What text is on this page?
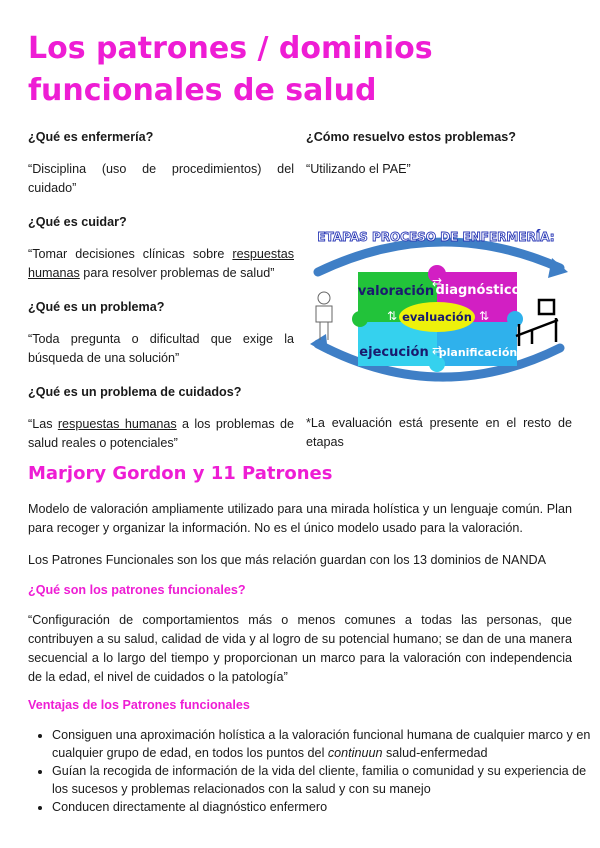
Los patrones / dominios funcionales de salud

¿Qué es enfermería?

“Disciplina (uso de procedimientos) del cuidado”

¿Qué es cuidar?

“Tomar decisiones clínicas sobre respuestas humanas para resolver problemas de salud”

¿Qué es un problema?

“Toda pregunta o dificultad que exige la búsqueda de una solución”

¿Qué es un problema de cuidados?

“Las respuestas humanas a los problemas de salud reales o potenciales”

¿Cómo resuelvo estos problemas?

“Utilizando el PAE”

ETAPAS PROCESO DE ENFERMERÍA:
valoración diagnóstico
evaluación
ejecución planificación
⇄
⇅	⇅
⇄

*La evaluación está presente en el resto de etapas

Marjory Gordon y 11 Patrones

Modelo de valoración ampliamente utilizado para una mirada holística y un lenguaje común. Plan para recoger y organizar la información. No es el único modelo usado para la valoración.

Los Patrones Funcionales son los que más relación guardan con los 13 dominios de NANDA

¿Qué son los patrones funcionales?

“Configuración de comportamientos más o menos comunes a todas las personas, que contribuyen a su salud, calidad de vida y al logro de su potencial humano; se dan de una manera secuencial a lo largo del tiempo y proporcionan un marco para la valoración con independencia de la edad, el nivel de cuidados o la patología”

Ventajas de los Patrones funcionales

• Consiguen una aproximación holística a la valoración funcional humana de cualquier marco y en cualquier grupo de edad, en todos los puntos del continuun salud-enfermedad
• Guían la recogida de información de la vida del cliente, familia o comunidad y su experiencia de los sucesos y problemas relacionados con la salud y con su manejo
• Conducen directamente al diagnóstico enfermero
